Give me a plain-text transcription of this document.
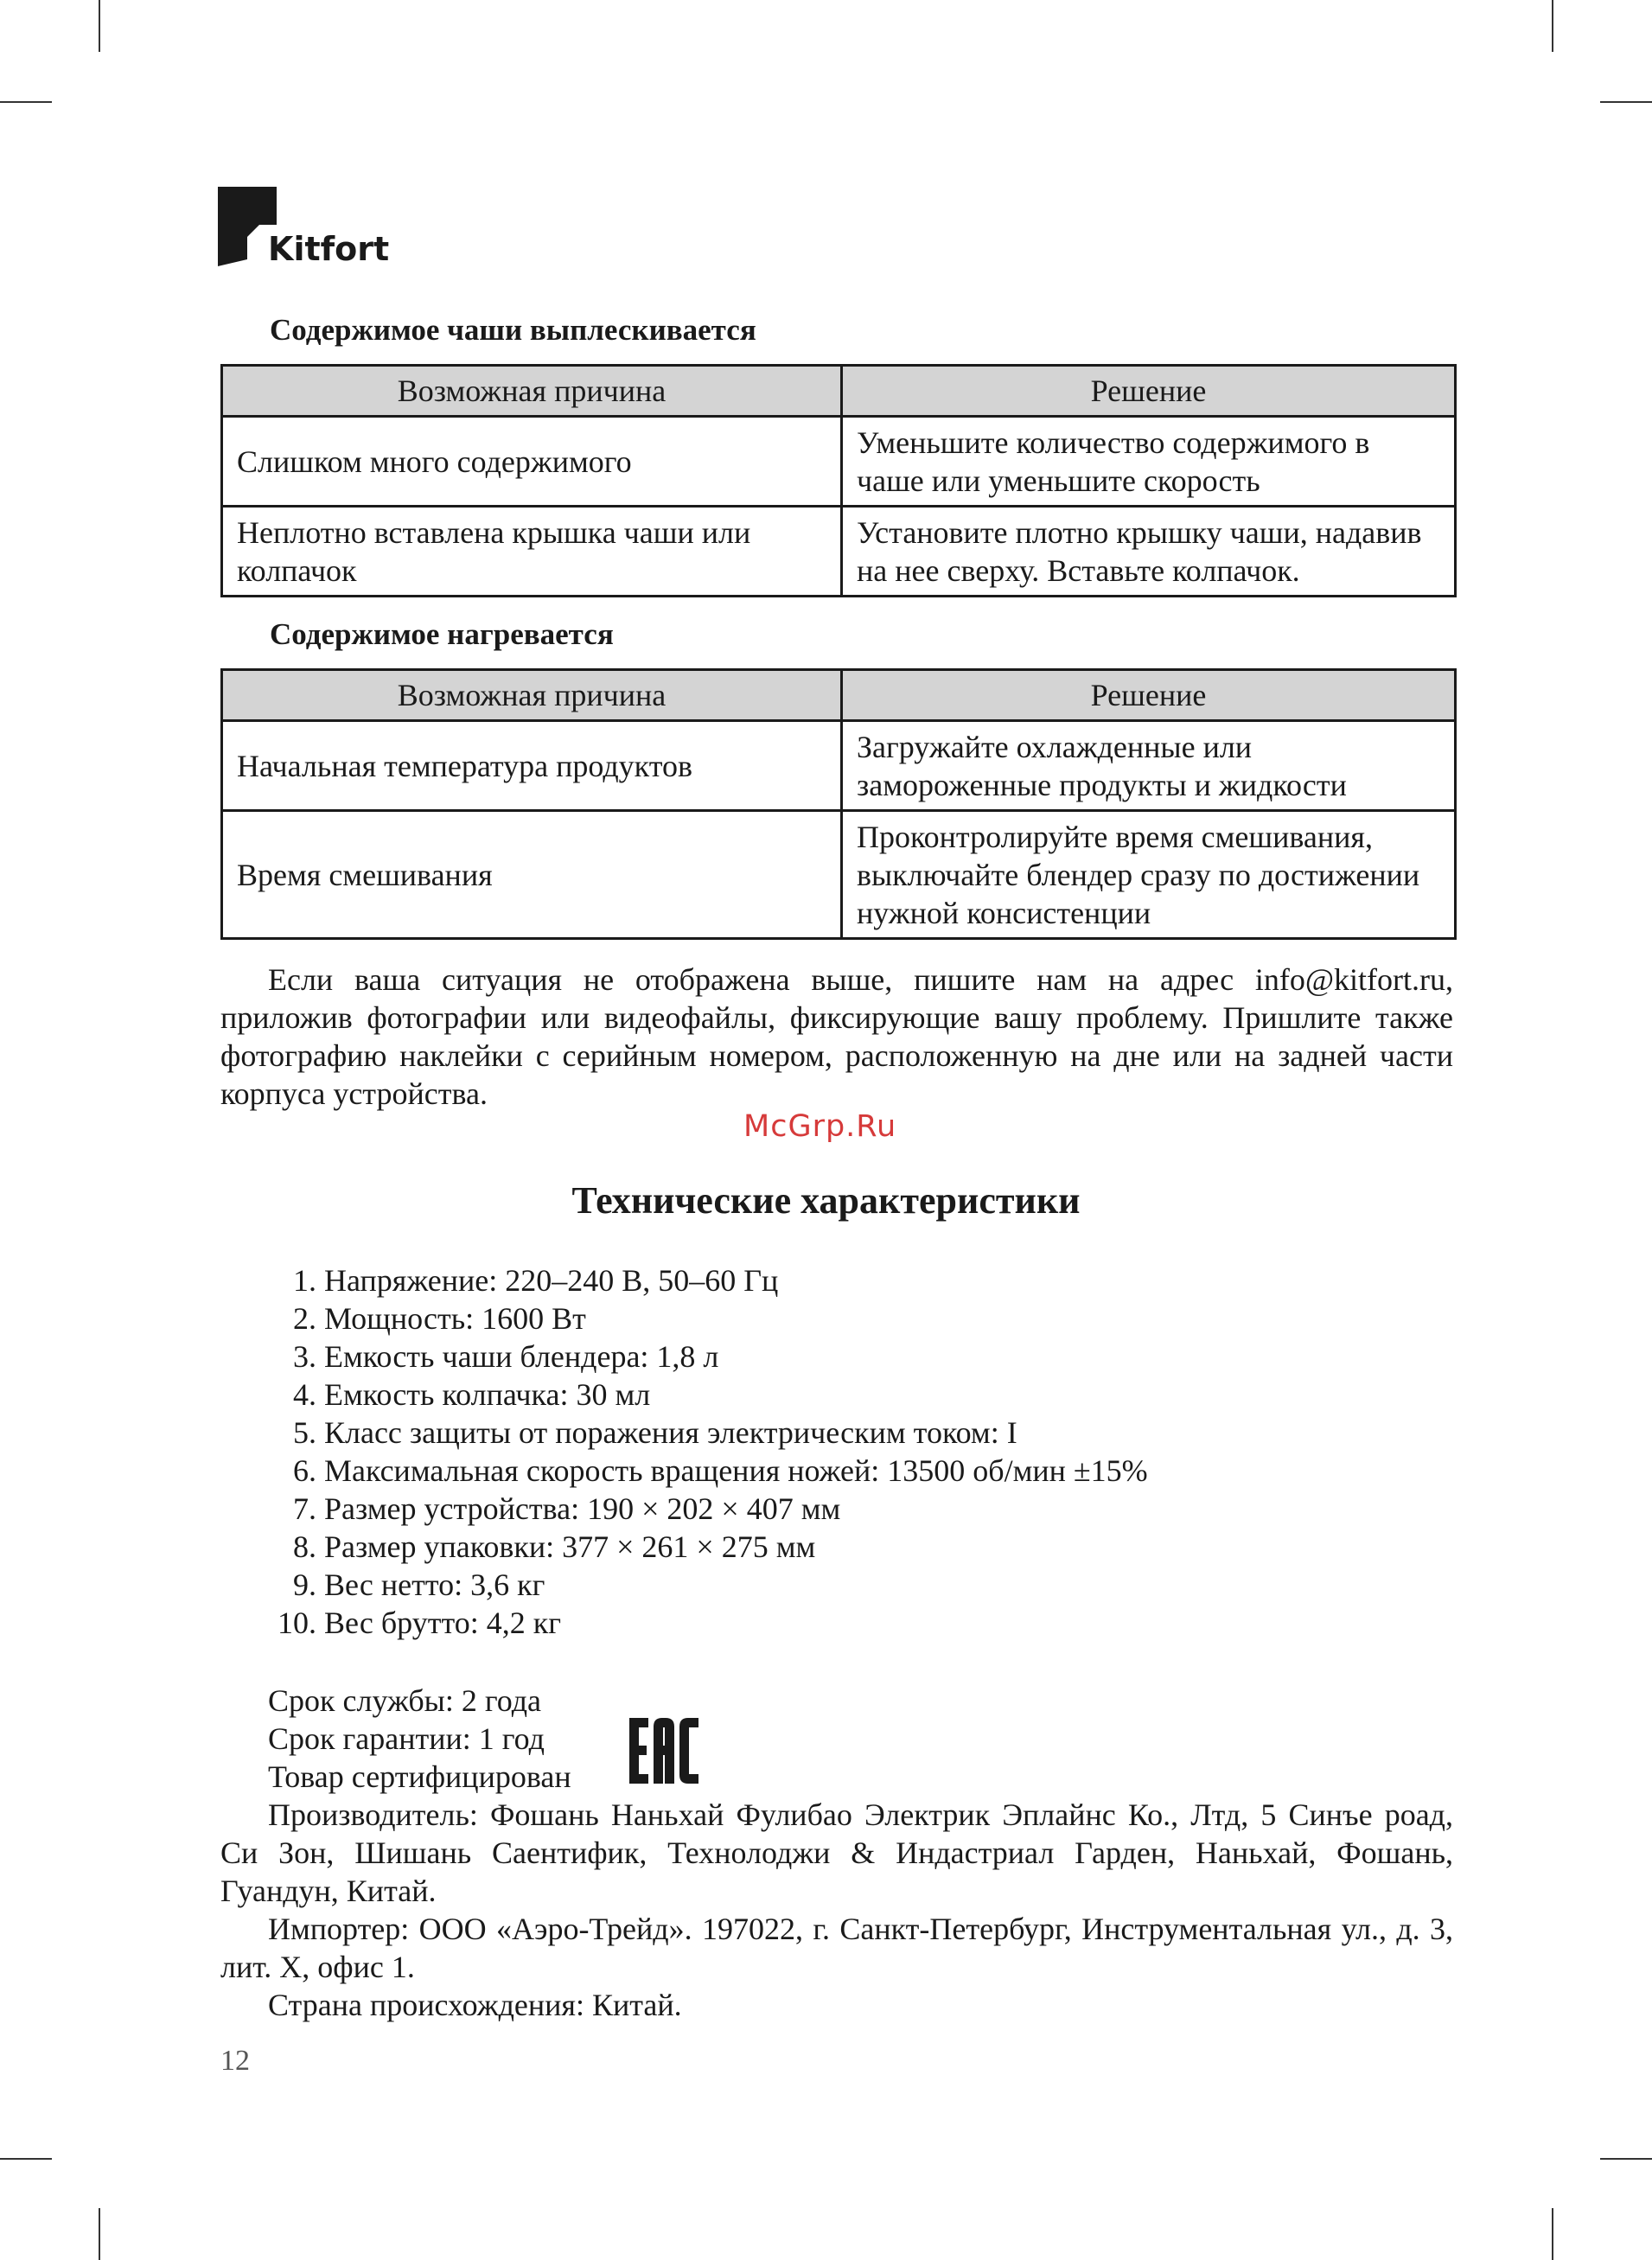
Kitfort
Содержимое чаши выплескивается
Возможная причина	Решение
Слишком много содержимого	Уменьшите количество содержимого в чаше или уменьшите скорость
Неплотно вставлена крышка чаши или колпачок	Установите плотно крышку чаши, надавив на нее сверху. Вставьте колпачок.
Содержимое нагревается
Возможная причина	Решение
Начальная температура продуктов	Загружайте охлажденные или замороженные продукты и жидкости
Время смешивания	Проконтролируйте время смешивания, выключайте блендер сразу по достижении нужной консистенции
Если ваша ситуация не отображена выше, пишите нам на адрес info@kitfort.ru, приложив фотографии или видеофайлы, фиксирующие вашу проблему. Пришлите также фотографию наклейки с серийным номером, расположенную на дне или на задней части корпуса устройства.
McGrp.Ru
Технические характеристики
1. Напряжение: 220–240 В, 50–60 Гц
2. Мощность: 1600 Вт
3. Емкость чаши блендера: 1,8 л
4. Емкость колпачка: 30 мл
5. Класс защиты от поражения электрическим током: I
6. Максимальная скорость вращения ножей: 13500 об/мин ±15%
7. Размер устройства: 190 × 202 × 407 мм
8. Размер упаковки: 377 × 261 × 275 мм
9. Вес нетто: 3,6 кг
10. Вес брутто: 4,2 кг
Срок службы: 2 года
Срок гарантии: 1 год
Товар сертифицирован
Производитель: Фошань Наньхай Фулибао Электрик Эплайнс Ко., Лтд, 5 Синъе роад, Си Зон, Шишань Саентифик, Технолоджи & Индастриал Гарден, Наньхай, Фошань, Гуандун, Китай.
Импортер: ООО «Аэро-Трейд». 197022, г. Санкт-Петербург, Инструментальная ул., д. 3, лит. Х, офис 1.
Страна происхождения: Китай.
12
